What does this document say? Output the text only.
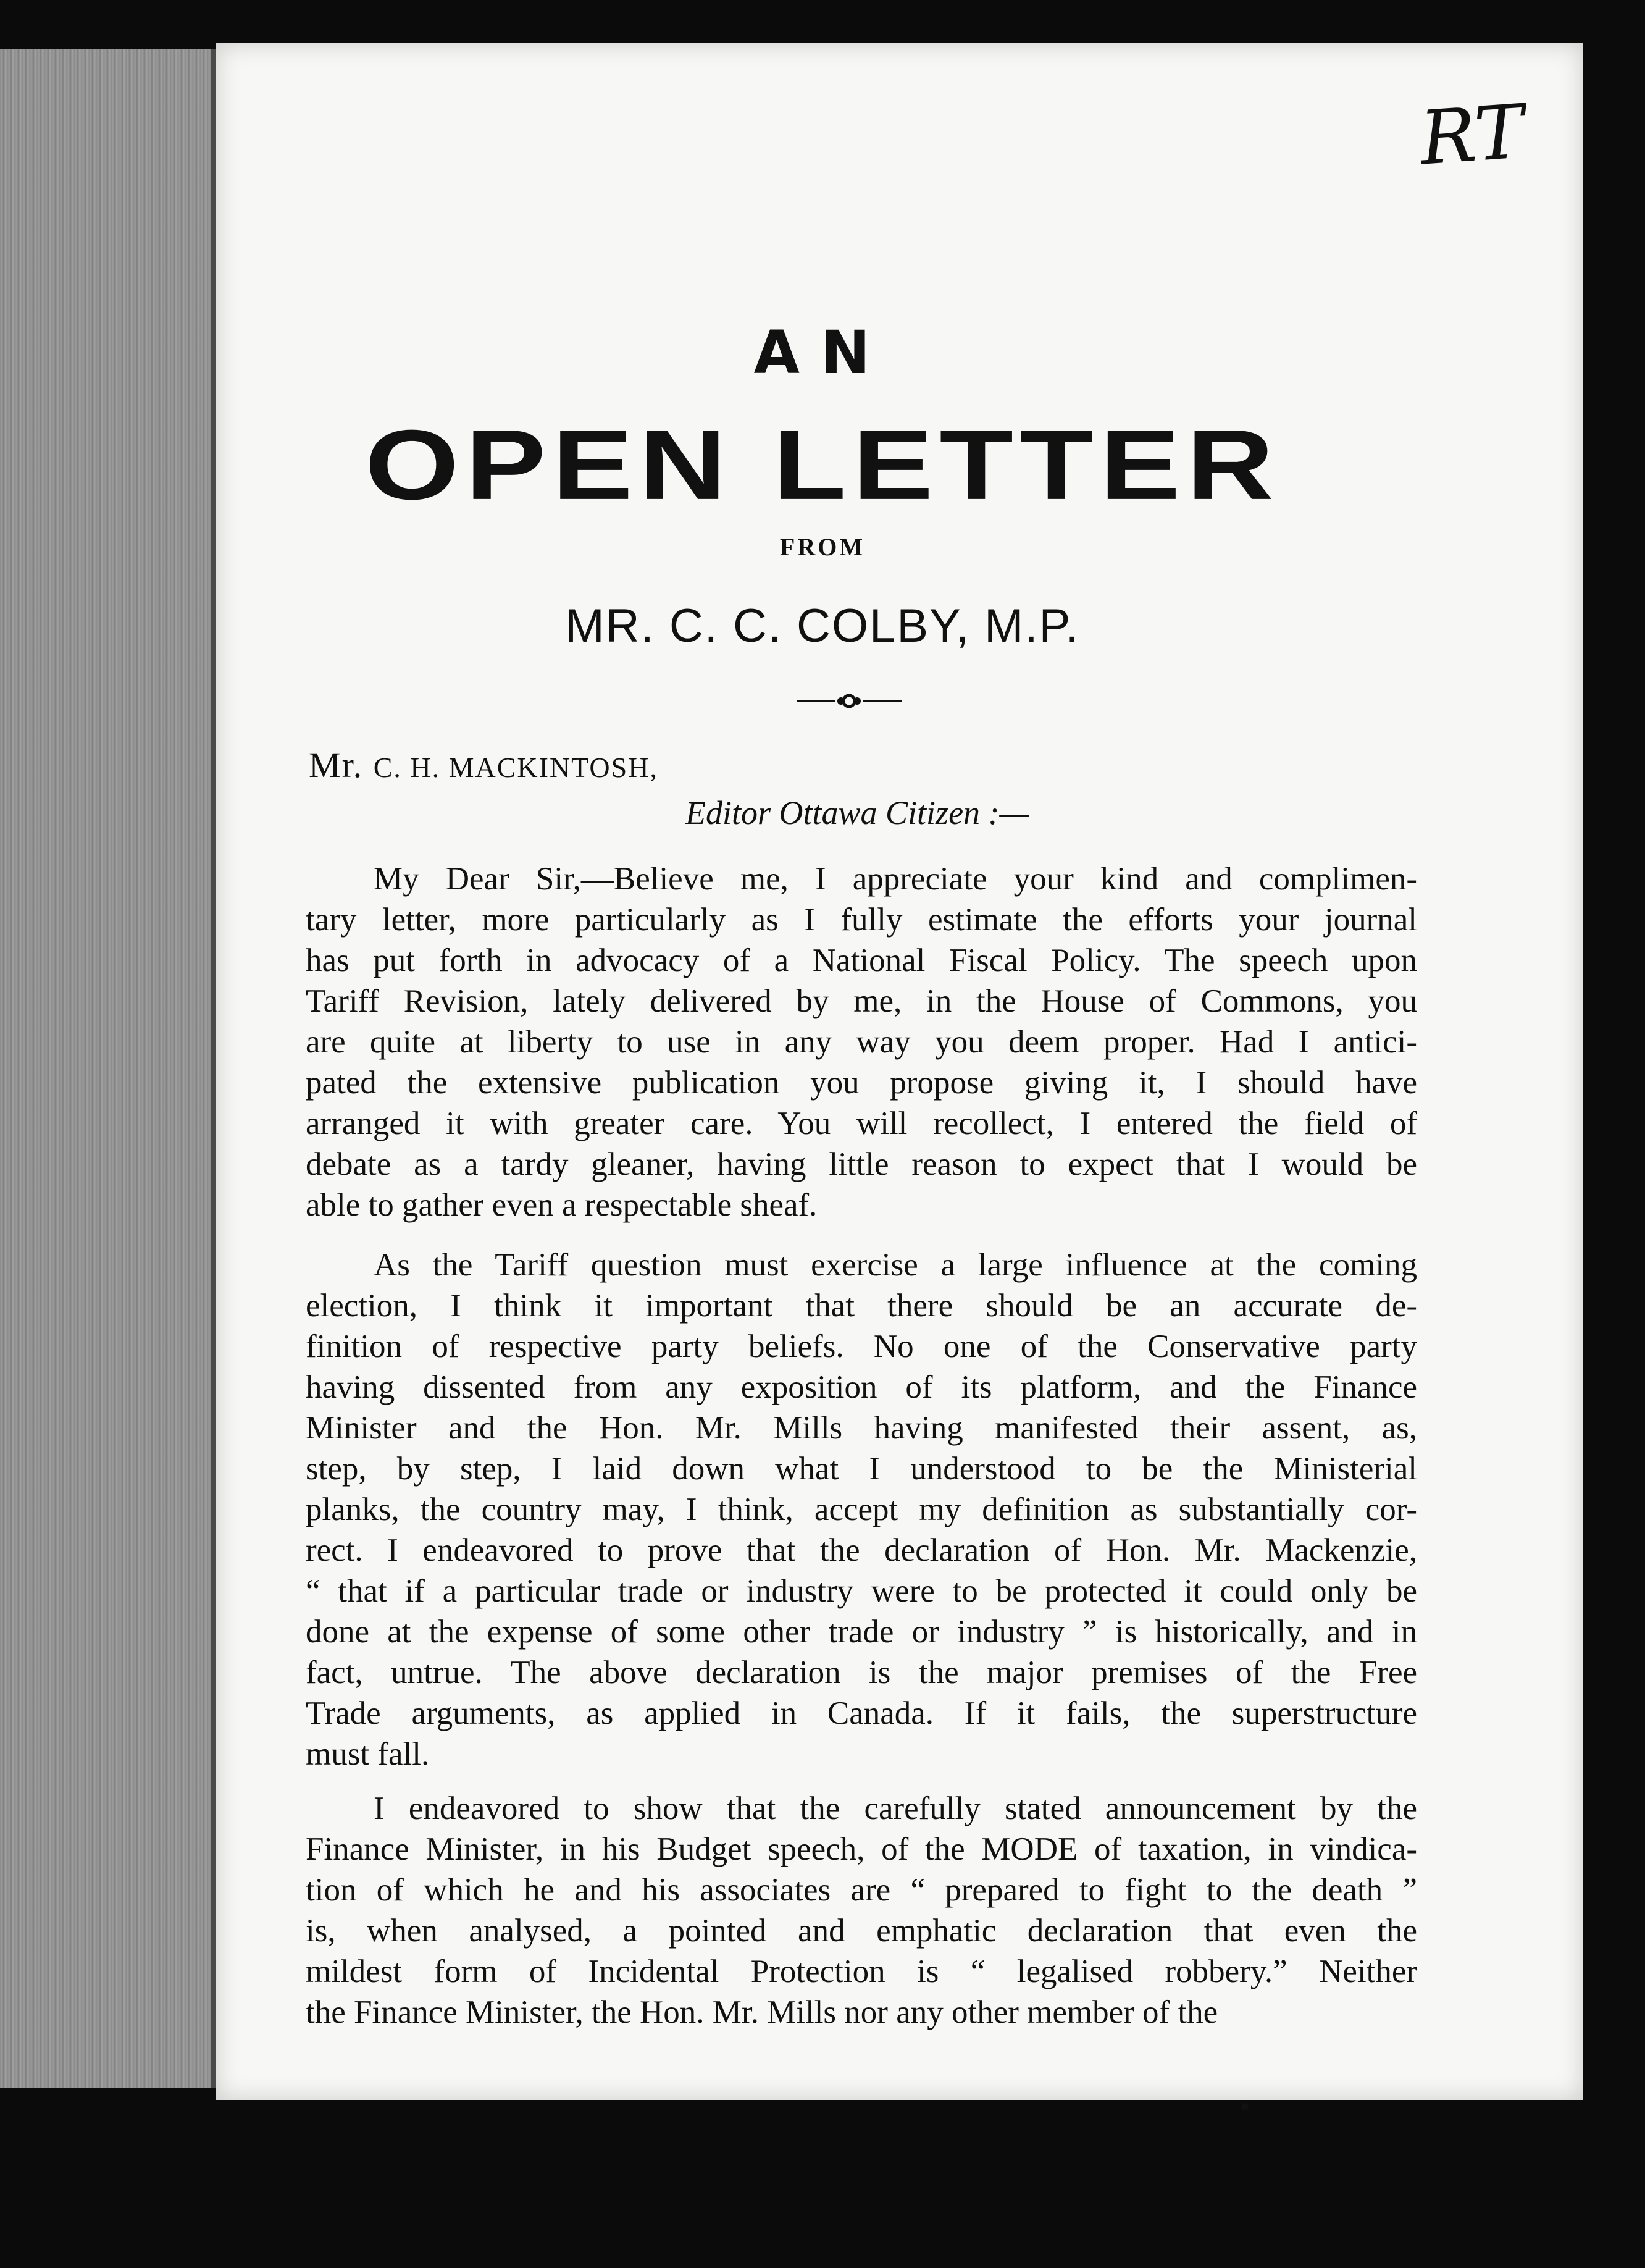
RT
AN
OPEN LETTER
FROM
MR. C. C. COLBY, M.P.
Mr. C. H. MACKINTOSH,
Editor Ottawa Citizen :—
My Dear Sir,—Believe me, I appreciate your kind and complimen-
tary letter, more particularly as I fully estimate the efforts your journal
has put forth in advocacy of a National Fiscal Policy. The speech upon
Tariff Revision, lately delivered by me, in the House of Commons, you
are quite at liberty to use in any way you deem proper. Had I antici-
pated the extensive publication you propose giving it, I should have
arranged it with greater care. You will recollect, I entered the field of
debate as a tardy gleaner, having little reason to expect that I would be
able to gather even a respectable sheaf.
As the Tariff question must exercise a large influence at the coming
election, I think it important that there should be an accurate de-
finition of respective party beliefs. No one of the Conservative party
having dissented from any exposition of its platform, and the Finance
Minister and the Hon. Mr. Mills having manifested their assent, as,
step, by step, I laid down what I understood to be the Ministerial
planks, the country may, I think, accept my definition as substantially cor-
rect. I endeavored to prove that the declaration of Hon. Mr. Mackenzie,
“ that if a particular trade or industry were to be protected it could only be
done at the expense of some other trade or industry ” is historically, and in
fact, untrue. The above declaration is the major premises of the Free
Trade arguments, as applied in Canada. If it fails, the superstructure
must fall.
I endeavored to show that the carefully stated announcement by the
Finance Minister, in his Budget speech, of the MODE of taxation, in vindica-
tion of which he and his associates are “ prepared to fight to the death ”
is, when analysed, a pointed and emphatic declaration that even the
mildest form of Incidental Protection is “ legalised robbery.” Neither
the Finance Minister, the Hon. Mr. Mills nor any other member of the
